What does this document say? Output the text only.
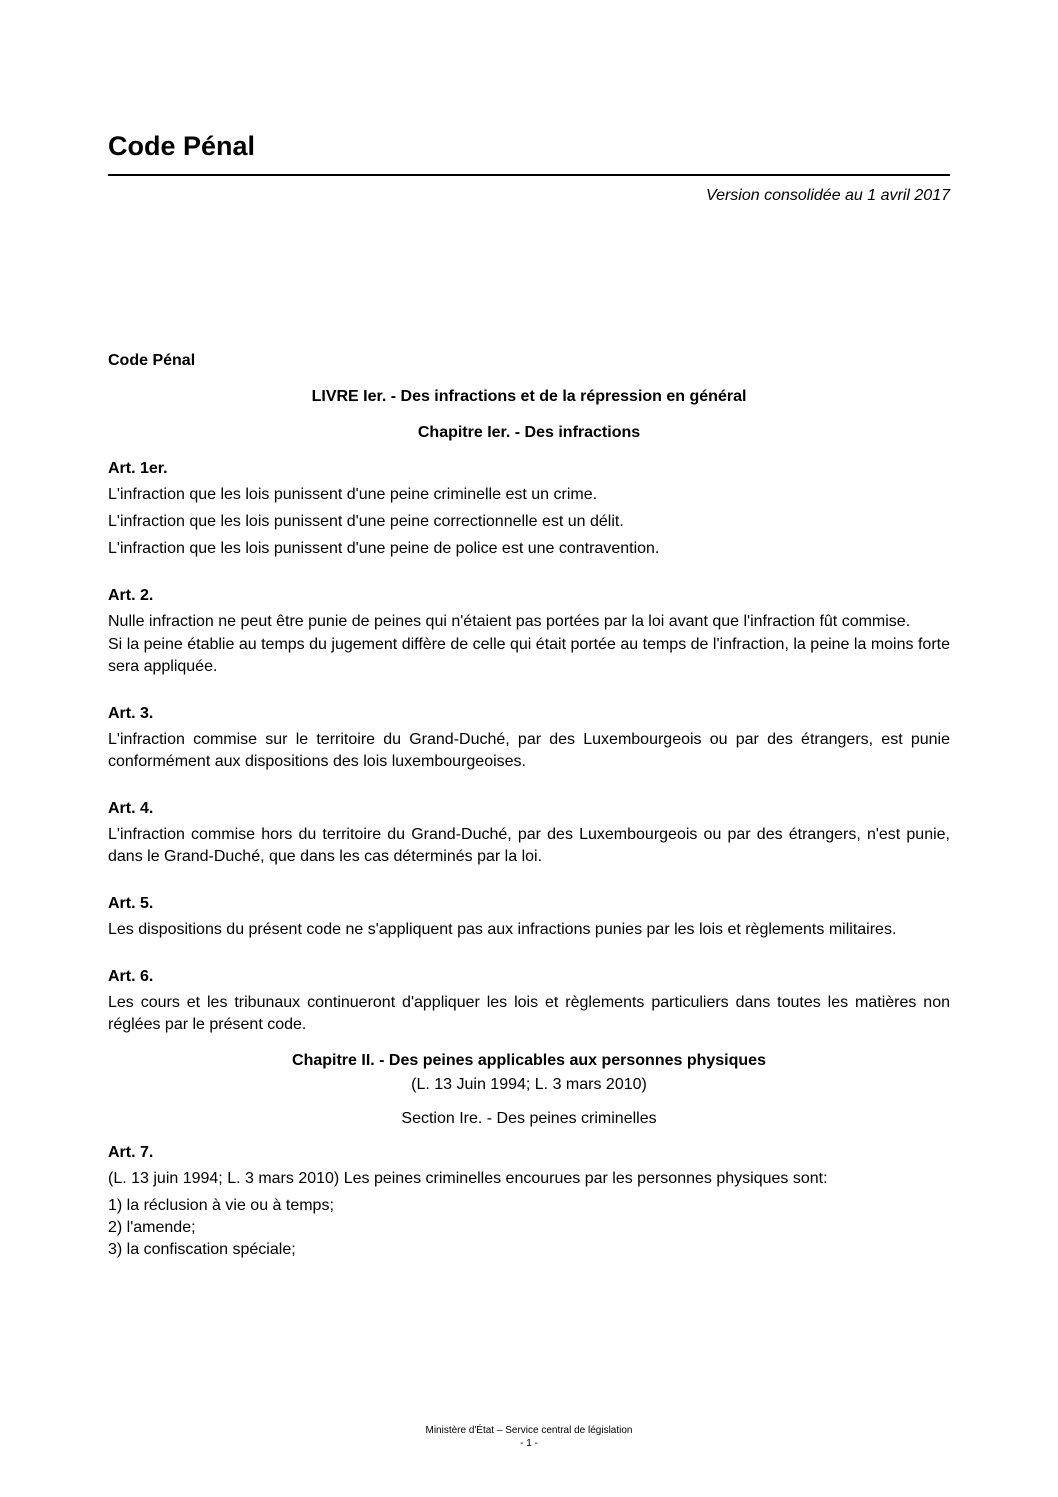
Code Pénal
Version consolidée au 1 avril 2017
Code Pénal
LIVRE Ier. - Des infractions et de la répression en général
Chapitre Ier. - Des infractions
Art. 1er.

L'infraction que les lois punissent d'une peine criminelle est un crime.

L'infraction que les lois punissent d'une peine correctionnelle est un délit.

L'infraction que les lois punissent d'une peine de police est une contravention.

Art. 2.

Nulle infraction ne peut être punie de peines qui n'étaient pas portées par la loi avant que l'infraction fût commise.

Si la peine établie au temps du jugement diffère de celle qui était portée au temps de l'infraction, la peine la moins forte sera appliquée.

Art. 3.

L'infraction commise sur le territoire du Grand-Duché, par des Luxembourgeois ou par des étrangers, est punie conformément aux dispositions des lois luxembourgeoises.

Art. 4.

L'infraction commise hors du territoire du Grand-Duché, par des Luxembourgeois ou par des étrangers, n'est punie, dans le Grand-Duché, que dans les cas déterminés par la loi.

Art. 5.

Les dispositions du présent code ne s'appliquent pas aux infractions punies par les lois et règlements militaires.

Art. 6.

Les cours et les tribunaux continueront d'appliquer les lois et règlements particuliers dans toutes les matières non réglées par le présent code.

Chapitre II. - Des peines applicables aux personnes physiques
(L. 13 Juin 1994; L. 3 mars 2010)
Section Ire. - Des peines criminelles
Art. 7.

(L. 13 juin 1994; L. 3 mars 2010) Les peines criminelles encourues par les personnes physiques sont:

1) la réclusion à vie ou à temps;
2) l'amende;
3) la confiscation spéciale;
Ministère d'État – Service central de législation
- 1 -
